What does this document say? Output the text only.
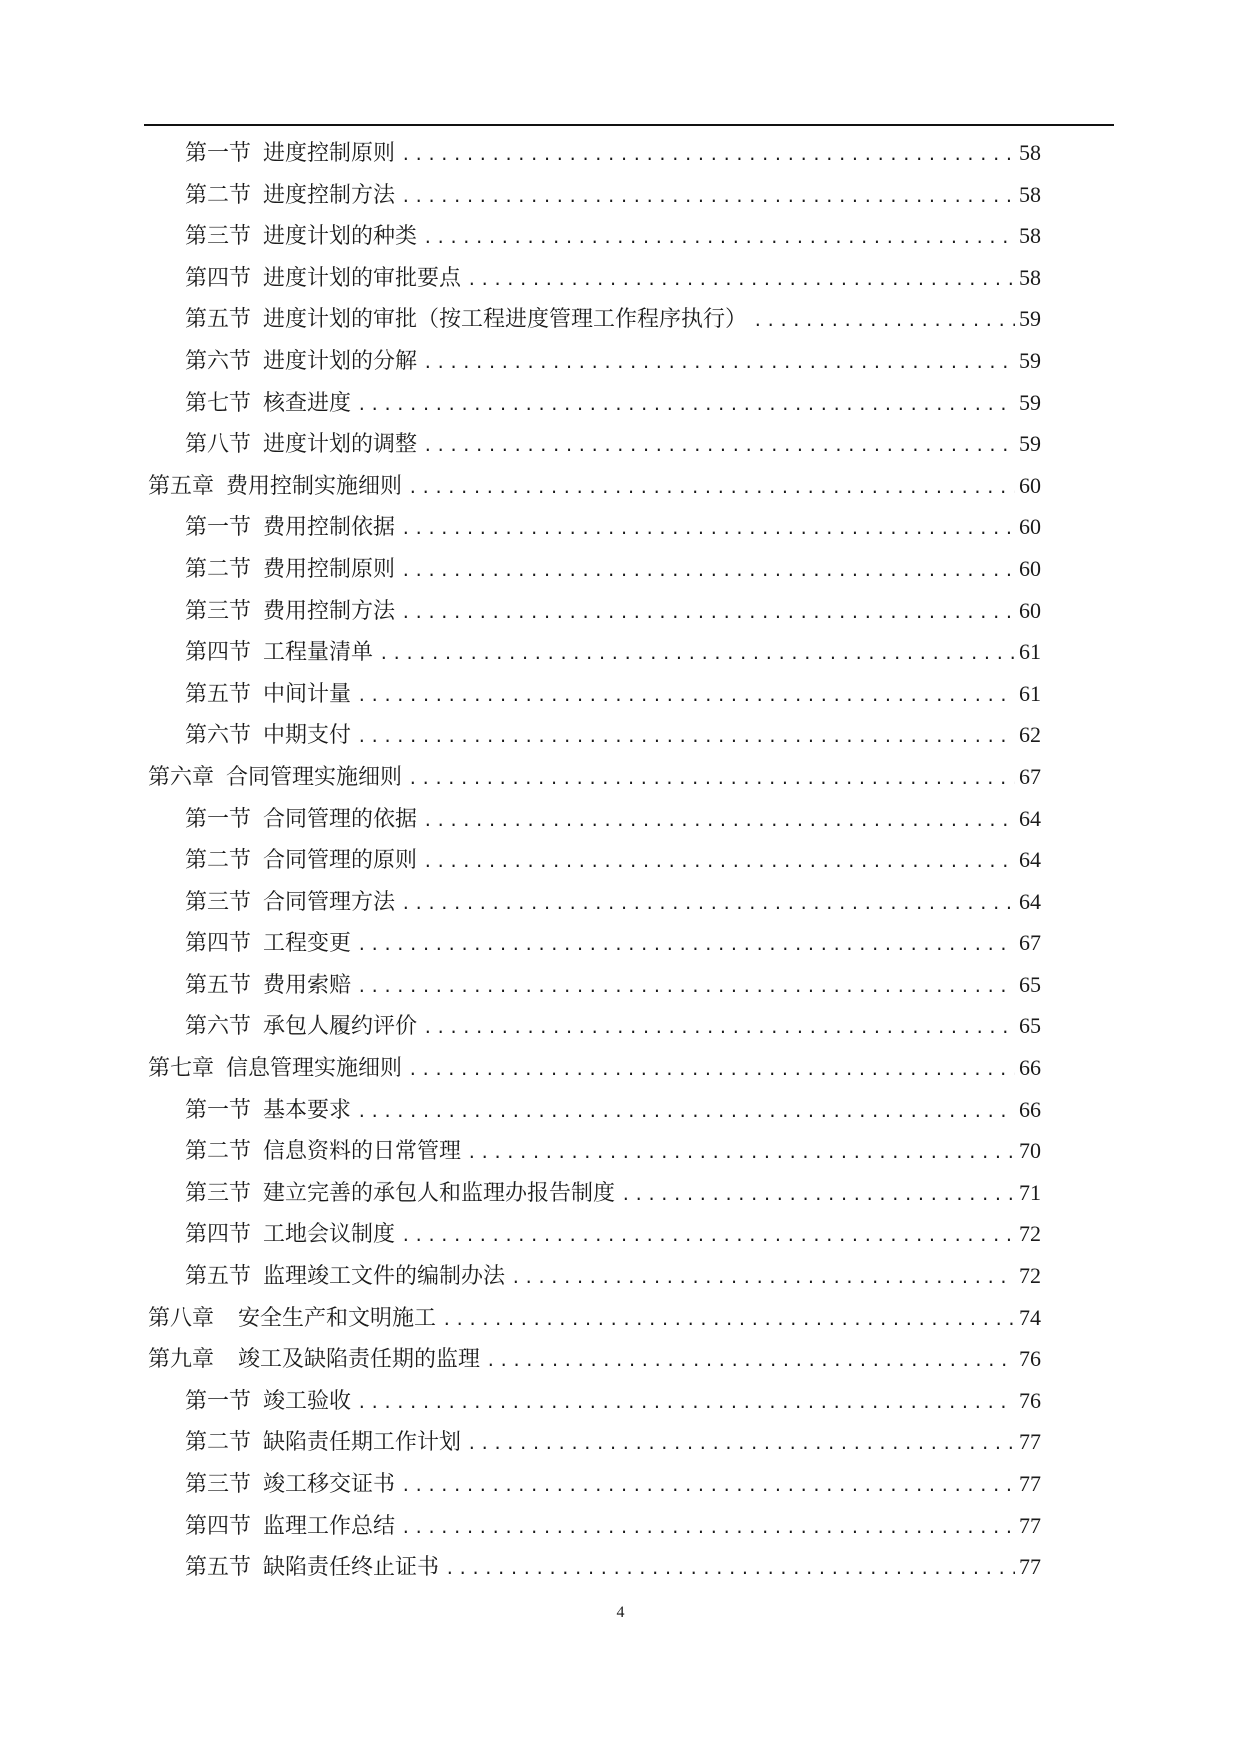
第一节 进度控制原则 .....	58
第二节 进度控制方法 .....	58
第三节 进度计划的种类 .....	58
第四节 进度计划的审批要点 .....	58
第五节 进度计划的审批（按工程进度管理工作程序执行） .....	59
第六节 进度计划的分解 .....	59
第七节 核查进度 .....	59
第八节 进度计划的调整 .....	59
第五章 费用控制实施细则 .....	60
第一节 费用控制依据 .....	60
第二节 费用控制原则 .....	60
第三节 费用控制方法 .....	60
第四节 工程量清单 .....	61
第五节 中间计量 .....	61
第六节 中期支付 .....	62
第六章 合同管理实施细则 .....	67
第一节 合同管理的依据 .....	64
第二节 合同管理的原则 .....	64
第三节 合同管理方法 .....	64
第四节 工程变更 .....	67
第五节 费用索赔 .....	65
第六节 承包人履约评价 .....	65
第七章 信息管理实施细则 .....	66
第一节 基本要求 .....	66
第二节 信息资料的日常管理 .....	70
第三节 建立完善的承包人和监理办报告制度 .....	71
第四节 工地会议制度 .....	72
第五节 监理竣工文件的编制办法 .....	72
第八章 安全生产和文明施工 .....	74
第九章 竣工及缺陷责任期的监理 .....	76
第一节 竣工验收 .....	76
第二节 缺陷责任期工作计划 .....	77
第三节 竣工移交证书 .....	77
第四节 监理工作总结 .....	77
第五节 缺陷责任终止证书 .....	77
4
